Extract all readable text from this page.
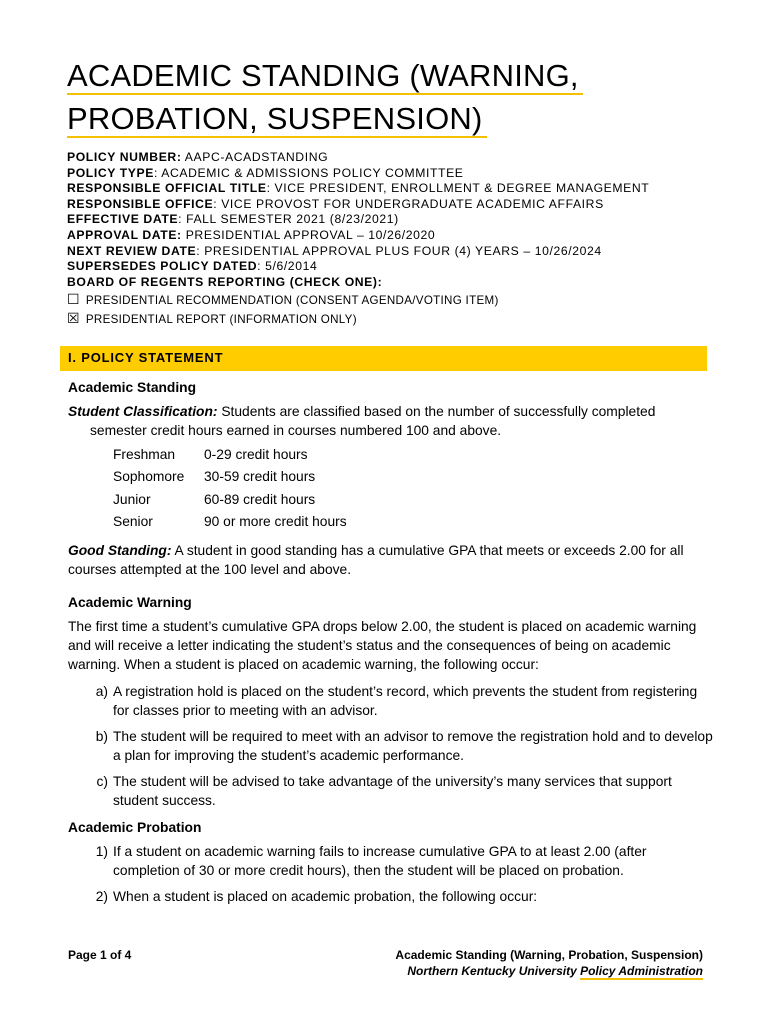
ACADEMIC STANDING (WARNING,
PROBATION, SUSPENSION)
POLICY NUMBER: AAPC-ACADSTANDING
POLICY TYPE: ACADEMIC & ADMISSIONS POLICY COMMITTEE
RESPONSIBLE OFFICIAL TITLE: VICE PRESIDENT, ENROLLMENT & DEGREE MANAGEMENT
RESPONSIBLE OFFICE: VICE PROVOST FOR UNDERGRADUATE ACADEMIC AFFAIRS
EFFECTIVE DATE: FALL SEMESTER 2021 (8/23/2021)
APPROVAL DATE: PRESIDENTIAL APPROVAL – 10/26/2020
NEXT REVIEW DATE: PRESIDENTIAL APPROVAL PLUS FOUR (4) YEARS – 10/26/2024
SUPERSEDES POLICY DATED: 5/6/2014
BOARD OF REGENTS REPORTING (CHECK ONE):
☐ PRESIDENTIAL RECOMMENDATION (CONSENT AGENDA/VOTING ITEM)
☒ PRESIDENTIAL REPORT (INFORMATION ONLY)
I. POLICY STATEMENT

Academic Standing

Student Classification: Students are classified based on the number of successfully completed

semester credit hours earned in courses numbered 100 and above.

Freshman	0-29 credit hours
Sophomore	30-59 credit hours
Junior	60-89 credit hours
Senior	90 or more credit hours

Good Standing: A student in good standing has a cumulative GPA that meets or exceeds 2.00 for all courses attempted at the 100 level and above.

Academic Warning

The first time a student’s cumulative GPA drops below 2.00, the student is placed on academic warning and will receive a letter indicating the student’s status and the consequences of being on academic warning. When a student is placed on academic warning, the following occur:

a) A registration hold is placed on the student’s record, which prevents the student from registering for classes prior to meeting with an advisor.
b) The student will be required to meet with an advisor to remove the registration hold and to develop a plan for improving the student’s academic performance.
c) The student will be advised to take advantage of the university’s many services that support student success.

Academic Probation

1) If a student on academic warning fails to increase cumulative GPA to at least 2.00 (after completion of 30 or more credit hours), then the student will be placed on probation.
2) When a student is placed on academic probation, the following occur:
Page 1 of 4	Academic Standing (Warning, Probation, Suspension)
Northern Kentucky University Policy Administration
